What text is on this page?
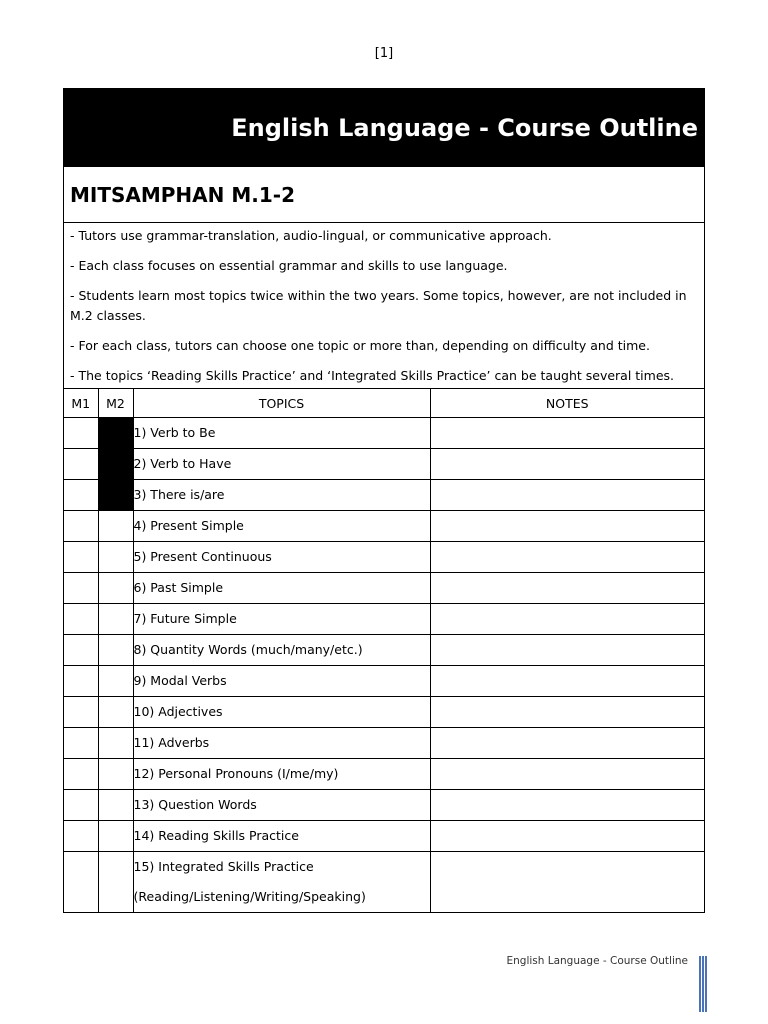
[1]
English Language - Course Outline
MITSAMPHAN M.1-2

- Tutors use grammar-translation, audio-lingual, or communicative approach.

- Each class focuses on essential grammar and skills to use language.

- Students learn most topics twice within the two years. Some topics, however, are not included in M.2 classes.

- For each class, tutors can choose one topic or more than, depending on difficulty and time.

- The topics ‘Reading Skills Practice’ and ‘Integrated Skills Practice’ can be taught several times.

M1	M2	TOPICS	NOTES

		1) Verb to Be	

		2) Verb to Have	

		3) There is/are	

		4) Present Simple	

		5) Present Continuous	

		6) Past Simple	

		7) Future Simple	

		8) Quantity Words (much/many/etc.)	

		9) Modal Verbs	

		10) Adjectives	

		11) Adverbs	

		12) Personal Pronouns (I/me/my)	

		13) Question Words	

		14) Reading Skills Practice	

		15) Integrated Skills Practice
(Reading/Listening/Writing/Speaking)	

English Language - Course Outline
